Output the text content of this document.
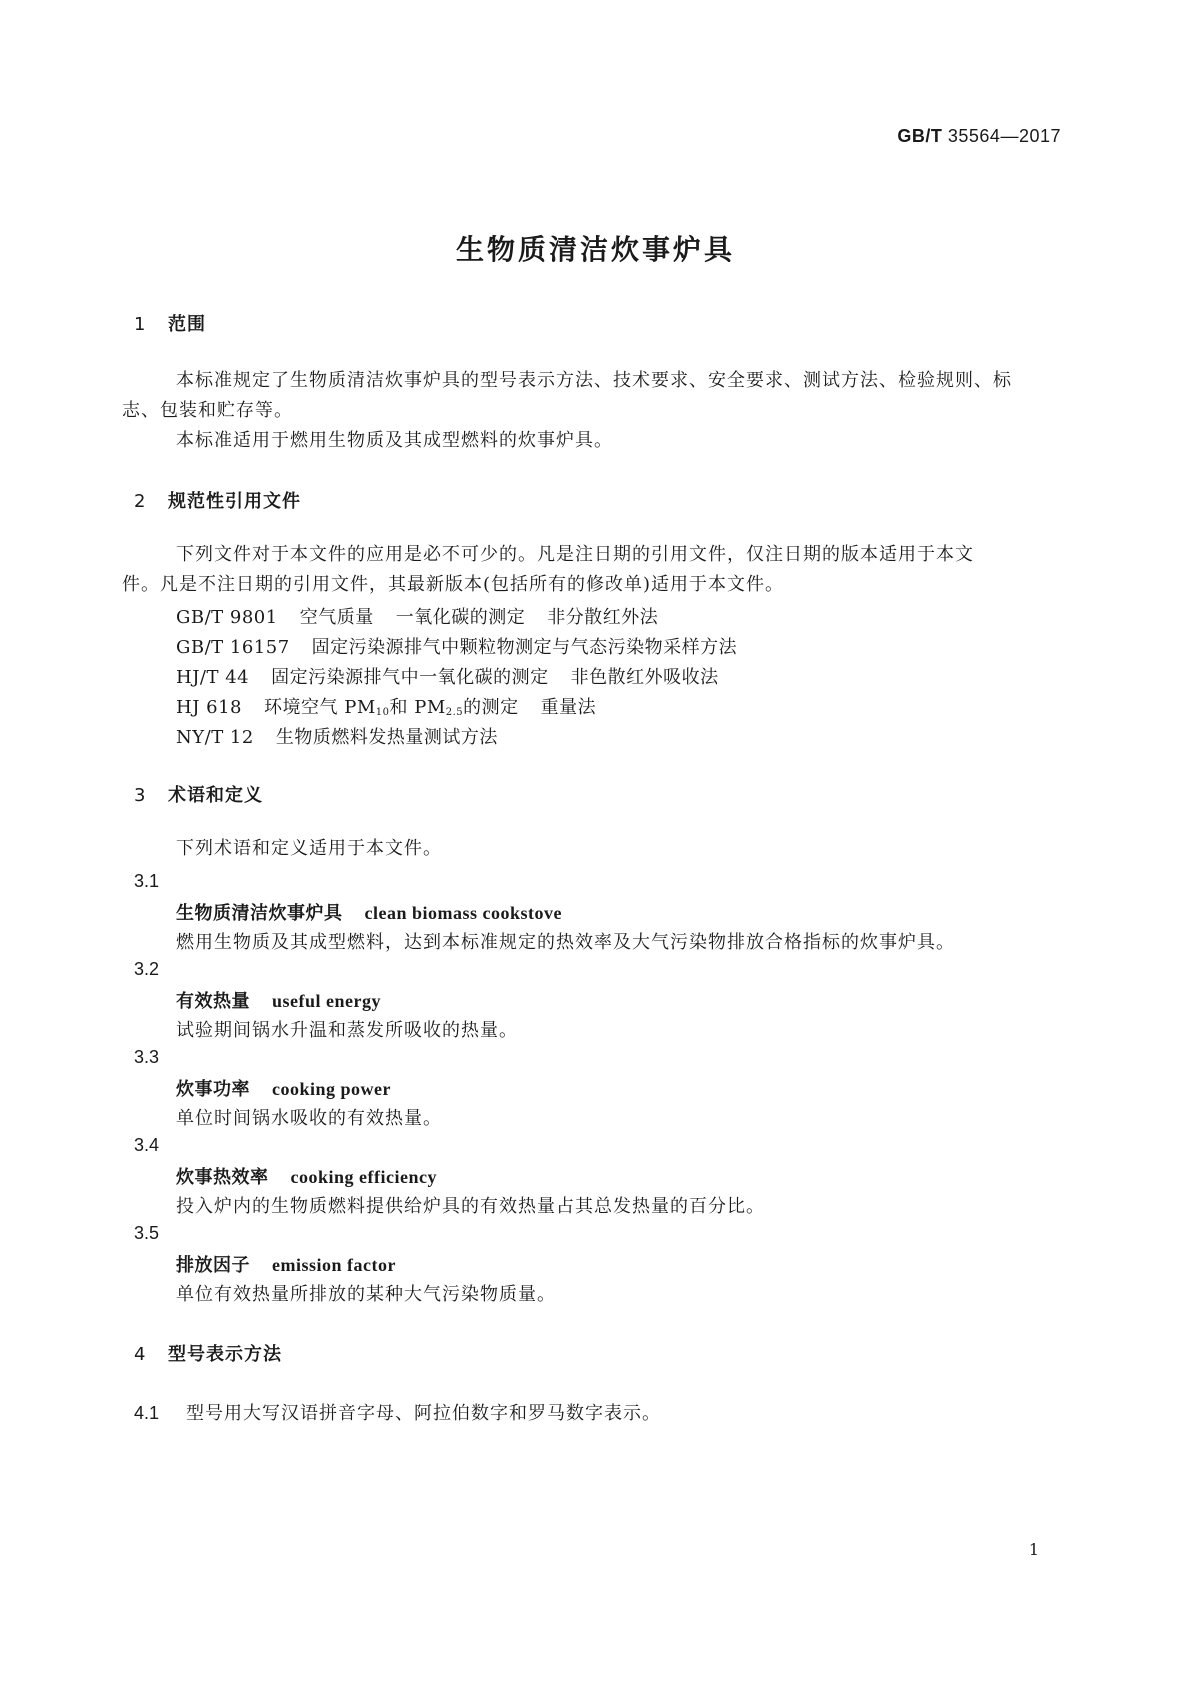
GB/T 35564—2017
生物质清洁炊事炉具
1 范围
本标准规定了生物质清洁炊事炉具的型号表示方法、技术要求、安全要求、测试方法、检验规则、标
志、包装和贮存等。
本标准适用于燃用生物质及其成型燃料的炊事炉具。
2 规范性引用文件
下列文件对于本文件的应用是必不可少的。凡是注日期的引用文件，仅注日期的版本适用于本文
件。凡是不注日期的引用文件，其最新版本(包括所有的修改单)适用于本文件。
GB/T 9801 空气质量 一氧化碳的测定 非分散红外法
GB/T 16157 固定污染源排气中颗粒物测定与气态污染物采样方法
HJ/T 44 固定污染源排气中一氧化碳的测定 非色散红外吸收法
HJ 618 环境空气 $PM_{10}$和 $PM_{2.5}$的测定 重量法
NY/T 12 生物质燃料发热量测试方法
3 术语和定义
下列术语和定义适用于本文件。
3.1
生物质清洁炊事炉具 clean biomass cookstove
燃用生物质及其成型燃料，达到本标准规定的热效率及大气污染物排放合格指标的炊事炉具。
3.2
有效热量 useful energy
试验期间锅水升温和蒸发所吸收的热量。
3.3
炊事功率 cooking power
单位时间锅水吸收的有效热量。
3.4
炊事热效率 cooking efficiency
投入炉内的生物质燃料提供给炉具的有效热量占其总发热量的百分比。
3.5
排放因子 emission factor
单位有效热量所排放的某种大气污染物质量。
4 型号表示方法
4.1 型号用大写汉语拼音字母、阿拉伯数字和罗马数字表示。
1
